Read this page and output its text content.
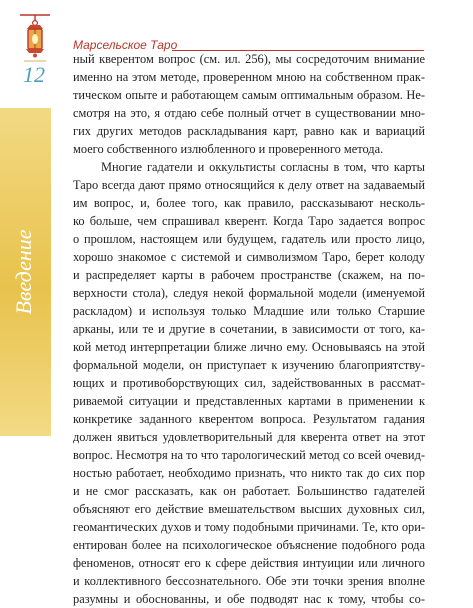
12
Марсельское Таро
Введение
ный кверентом вопрос (см. ил. 256), мы сосредоточим внимание
именно на этом методе, проверенном мною на собственном прак-
тическом опыте и работающем самым оптимальным образом. Не-
смотря на это, я отдаю себе полный отчет в существовании мно-
гих других методов раскладывания карт, равно как и вариаций
моего собственного излюбленного и проверенного метода.
Многие гадатели и оккультисты согласны в том, что карты
Таро всегда дают прямо относящийся к делу ответ на задаваемый
им вопрос, и, более того, как правило, рассказывают несколь-
ко больше, чем спрашивал кверент. Когда Таро задается вопрос
о прошлом, настоящем или будущем, гадатель или просто лицо,
хорошо знакомое с системой и символизмом Таро, берет колоду
и распределяет карты в рабочем пространстве (скажем, на по-
верхности стола), следуя некой формальной модели (именуемой
раскладом) и используя только Младшие или только Старшие
арканы, или те и другие в сочетании, в зависимости от того, ка-
кой метод интерпретации ближе лично ему. Основываясь на этой
формальной модели, он приступает к изучению благоприятству-
ющих и противоборствующих сил, задействованных в рассмат-
риваемой ситуации и представленных картами в применении к
конкретике заданного кверентом вопроса. Результатом гадания
должен явиться удовлетворительный для кверента ответ на этот
вопрос. Несмотря на то что тарологический метод со всей очевид-
ностью работает, необходимо признать, что никто так до сих пор
и не смог рассказать, как он работает. Большинство гадателей
объясняют его действие вмешательством высших духовных сил,
геомантических духов и тому подобными причинами. Те, кто ори-
ентирован более на психологическое объяснение подобного рода
феноменов, относят его к сфере действия интуиции или личного
и коллективного бессознательного. Обе эти точки зрения вполне
разумны и обоснованны, и обе подводят нас к тому, чтобы со-
